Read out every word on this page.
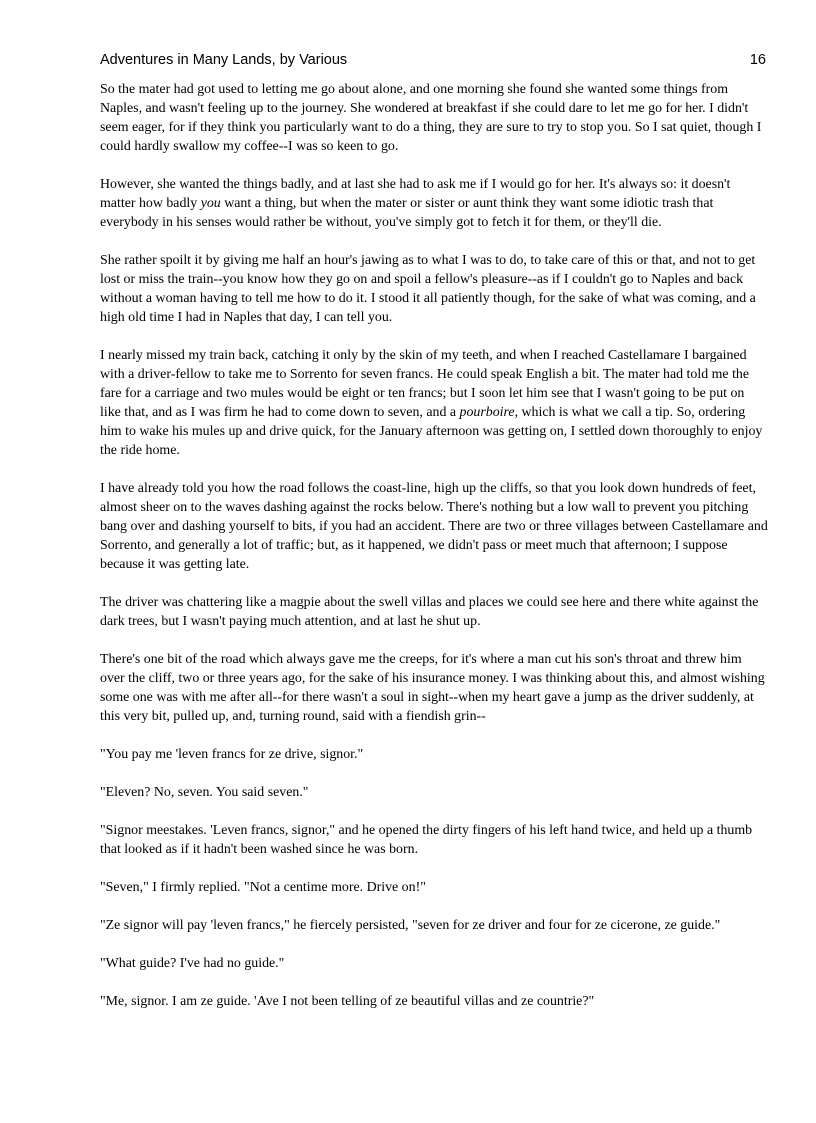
Adventures in Many Lands, by Various	16

So the mater had got used to letting me go about alone, and one morning she found she wanted some things from Naples, and wasn't feeling up to the journey. She wondered at breakfast if she could dare to let me go for her. I didn't seem eager, for if they think you particularly want to do a thing, they are sure to try to stop you. So I sat quiet, though I could hardly swallow my coffee--I was so keen to go.

However, she wanted the things badly, and at last she had to ask me if I would go for her. It's always so: it doesn't matter how badly you want a thing, but when the mater or sister or aunt think they want some idiotic trash that everybody in his senses would rather be without, you've simply got to fetch it for them, or they'll die.

She rather spoilt it by giving me half an hour's jawing as to what I was to do, to take care of this or that, and not to get lost or miss the train--you know how they go on and spoil a fellow's pleasure--as if I couldn't go to Naples and back without a woman having to tell me how to do it. I stood it all patiently though, for the sake of what was coming, and a high old time I had in Naples that day, I can tell you.

I nearly missed my train back, catching it only by the skin of my teeth, and when I reached Castellamare I bargained with a driver-fellow to take me to Sorrento for seven francs. He could speak English a bit. The mater had told me the fare for a carriage and two mules would be eight or ten francs; but I soon let him see that I wasn't going to be put on like that, and as I was firm he had to come down to seven, and a pourboire, which is what we call a tip. So, ordering him to wake his mules up and drive quick, for the January afternoon was getting on, I settled down thoroughly to enjoy the ride home.

I have already told you how the road follows the coast-line, high up the cliffs, so that you look down hundreds of feet, almost sheer on to the waves dashing against the rocks below. There's nothing but a low wall to prevent you pitching bang over and dashing yourself to bits, if you had an accident. There are two or three villages between Castellamare and Sorrento, and generally a lot of traffic; but, as it happened, we didn't pass or meet much that afternoon; I suppose because it was getting late.

The driver was chattering like a magpie about the swell villas and places we could see here and there white against the dark trees, but I wasn't paying much attention, and at last he shut up.

There's one bit of the road which always gave me the creeps, for it's where a man cut his son's throat and threw him over the cliff, two or three years ago, for the sake of his insurance money. I was thinking about this, and almost wishing some one was with me after all--for there wasn't a soul in sight--when my heart gave a jump as the driver suddenly, at this very bit, pulled up, and, turning round, said with a fiendish grin--

"You pay me 'leven francs for ze drive, signor."

"Eleven? No, seven. You said seven."

"Signor meestakes. 'Leven francs, signor," and he opened the dirty fingers of his left hand twice, and held up a thumb that looked as if it hadn't been washed since he was born.

"Seven," I firmly replied. "Not a centime more. Drive on!"

"Ze signor will pay 'leven francs," he fiercely persisted, "seven for ze driver and four for ze cicerone, ze guide."

"What guide? I've had no guide."

"Me, signor. I am ze guide. 'Ave I not been telling of ze beautiful villas and ze countrie?"
